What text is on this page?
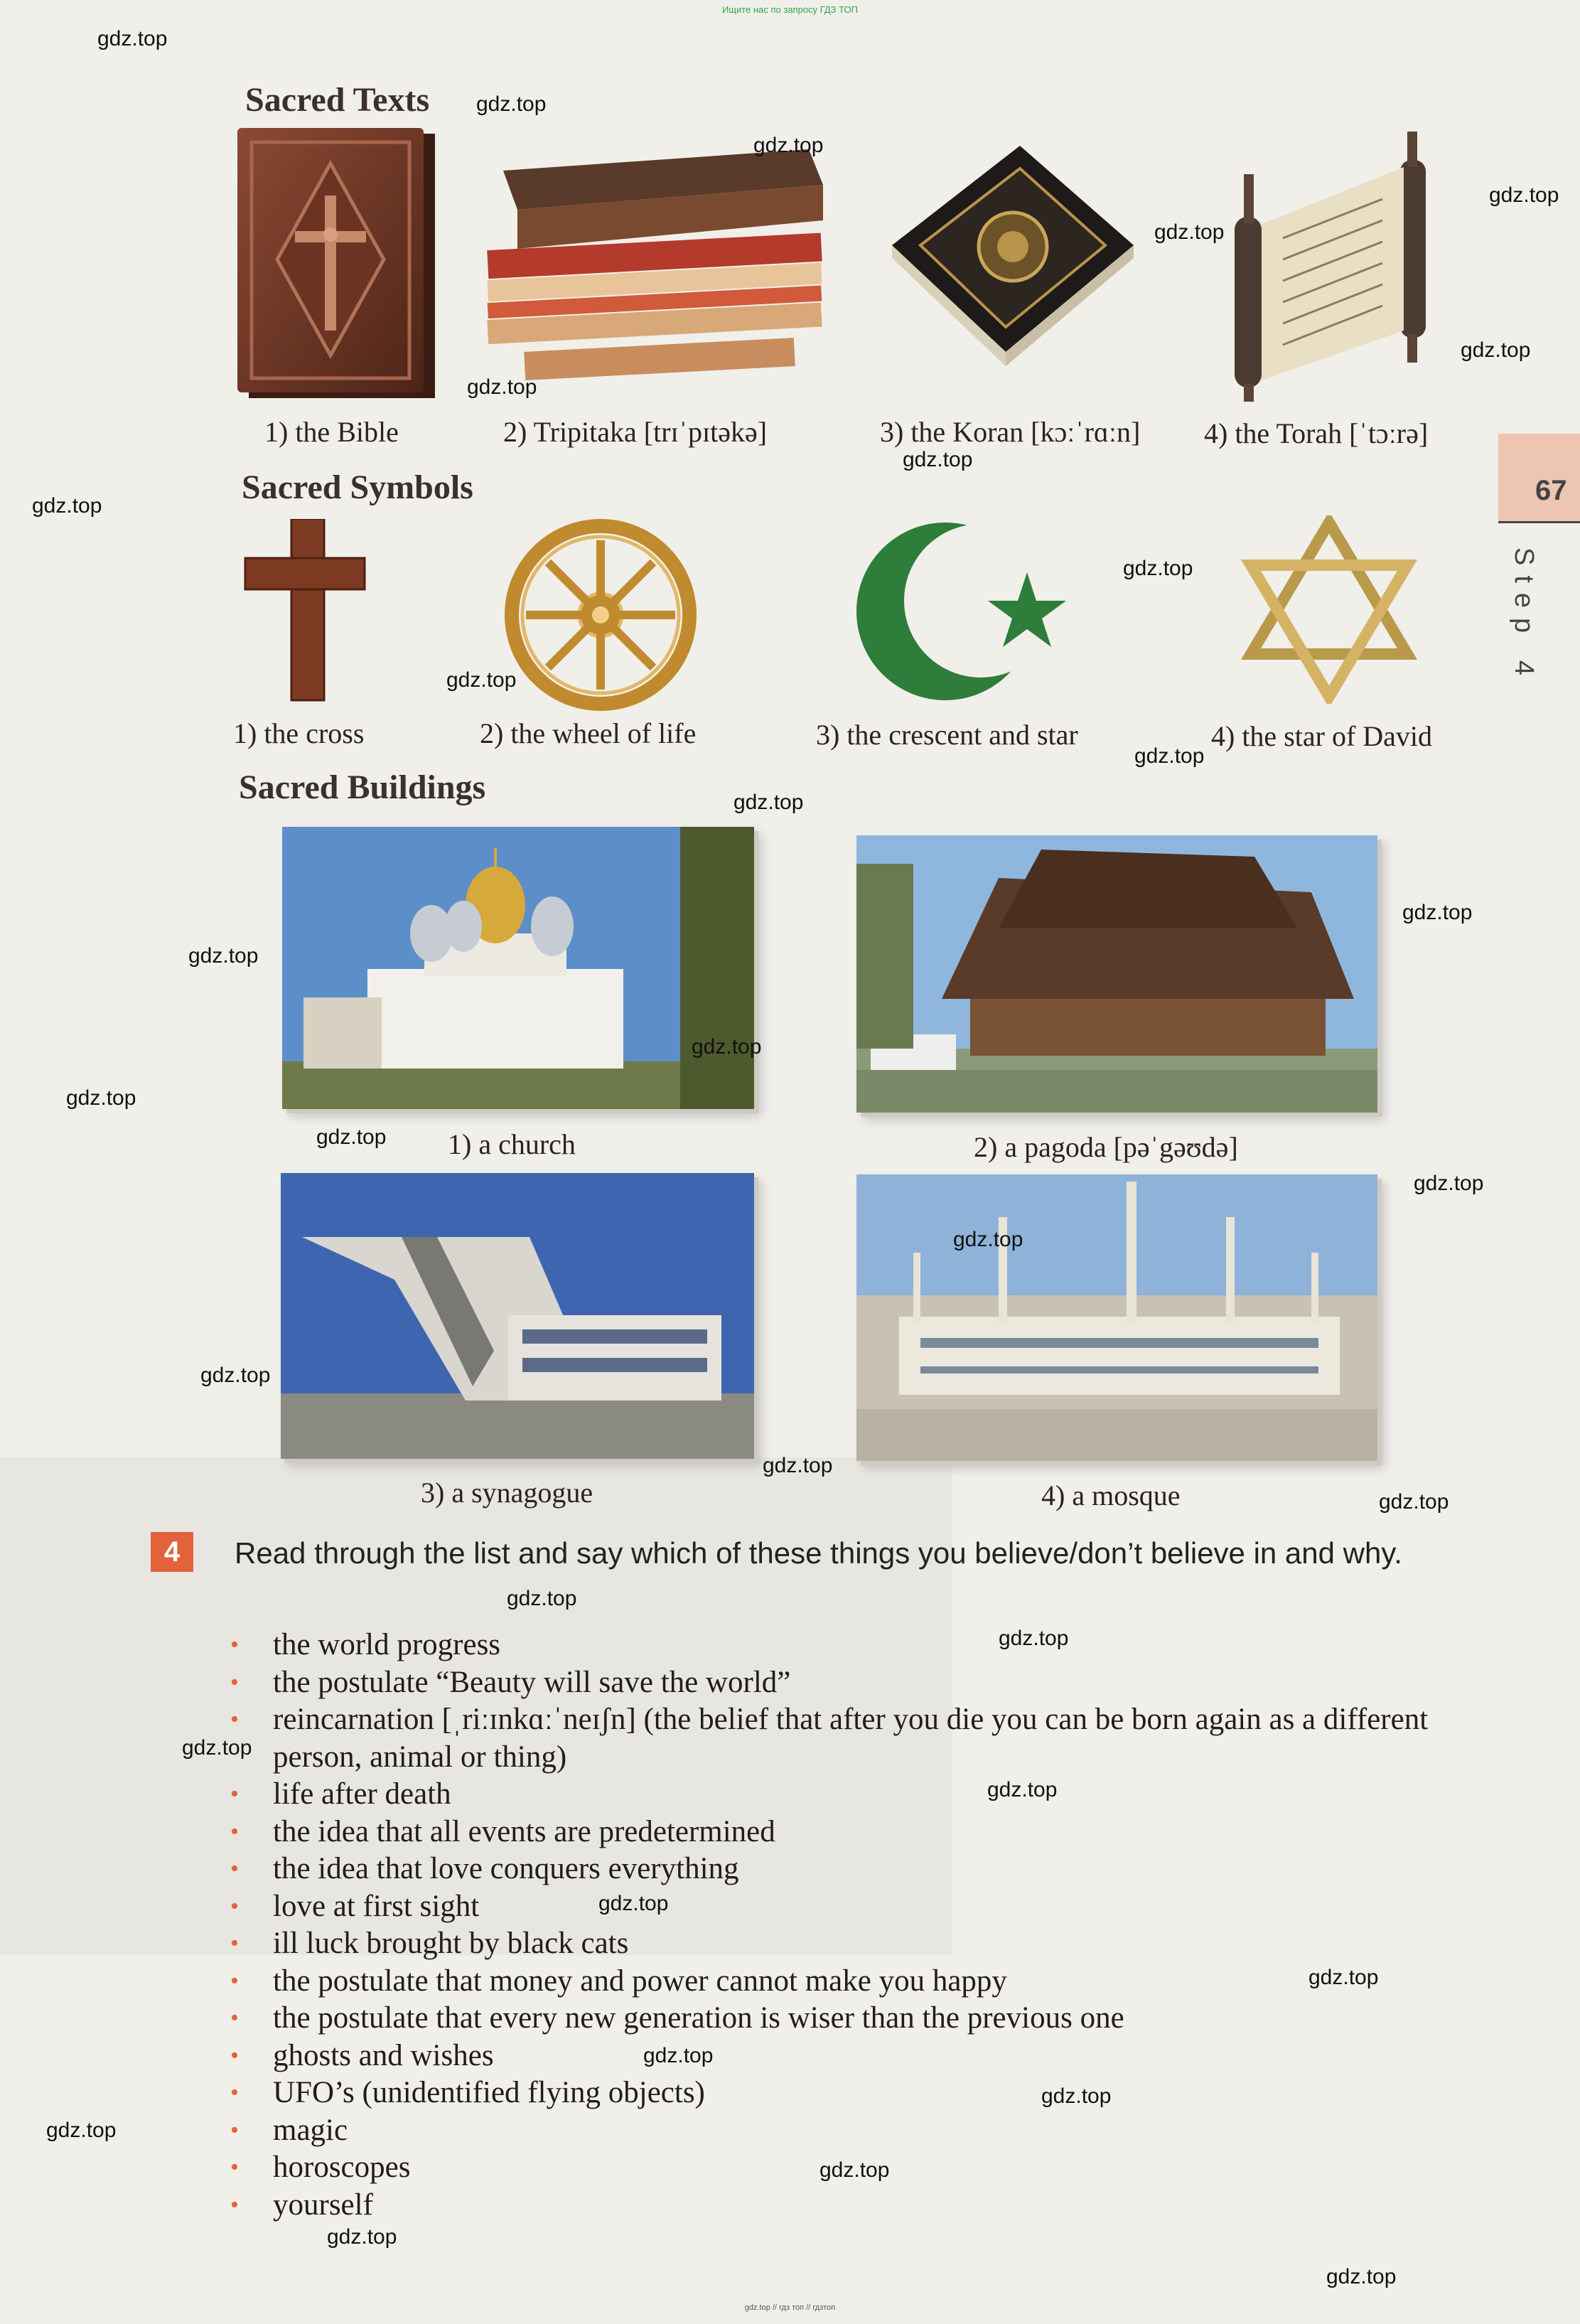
Ищите нас по запросу ГДЗ ТОП

67
Step 4
Sacred Texts
1) the Bible	2) Tripitaka [trɪˈpɪtəkə]	3) the Koran [kɔːˈrɑːn] 4) the Torah [ˈtɔːrə]
Sacred Symbols
1) the cross	2) the wheel of life	3) the crescent and star	4) the star of David
Sacred Buildings
1) a church	2) a pagoda [pəˈgəʊdə]
3) a synagogue	4) a mosque
4	Read through the list and say which of these things you believe/don’t believe in and why.
• the world progress
• the postulate “Beauty will save the world”
• reincarnation [ˌriːɪnkɑːˈneɪʃn] (the belief that after you die you can be born again as a different person, animal or thing)
• life after death
• the idea that all events are predetermined
• the idea that love conquers everything
• love at first sight
• ill luck brought by black cats
• the postulate that money and power cannot make you happy
• the postulate that every new generation is wiser than the previous one
• ghosts and wishes
• UFO’s (unidentified flying objects)
• magic
• horoscopes
• yourself
gdz.top
gdz.top
gdz.top
gdz.top
gdz.top
gdz.top
gdz.top
gdz.top
gdz.top
gdz.top
gdz.top
gdz.top
gdz.top
gdz.top
gdz.top
gdz.top
gdz.top
gdz.top
gdz.top
gdz.top
gdz.top
gdz.top
gdz.top
gdz.top
gdz.top
gdz.top
gdz.top
gdz.top
gdz.top
gdz.top
gdz.top
gdz.top
gdz.top
gdz.top
gdz.top
gdz.top // гдз топ // гдзтоп
